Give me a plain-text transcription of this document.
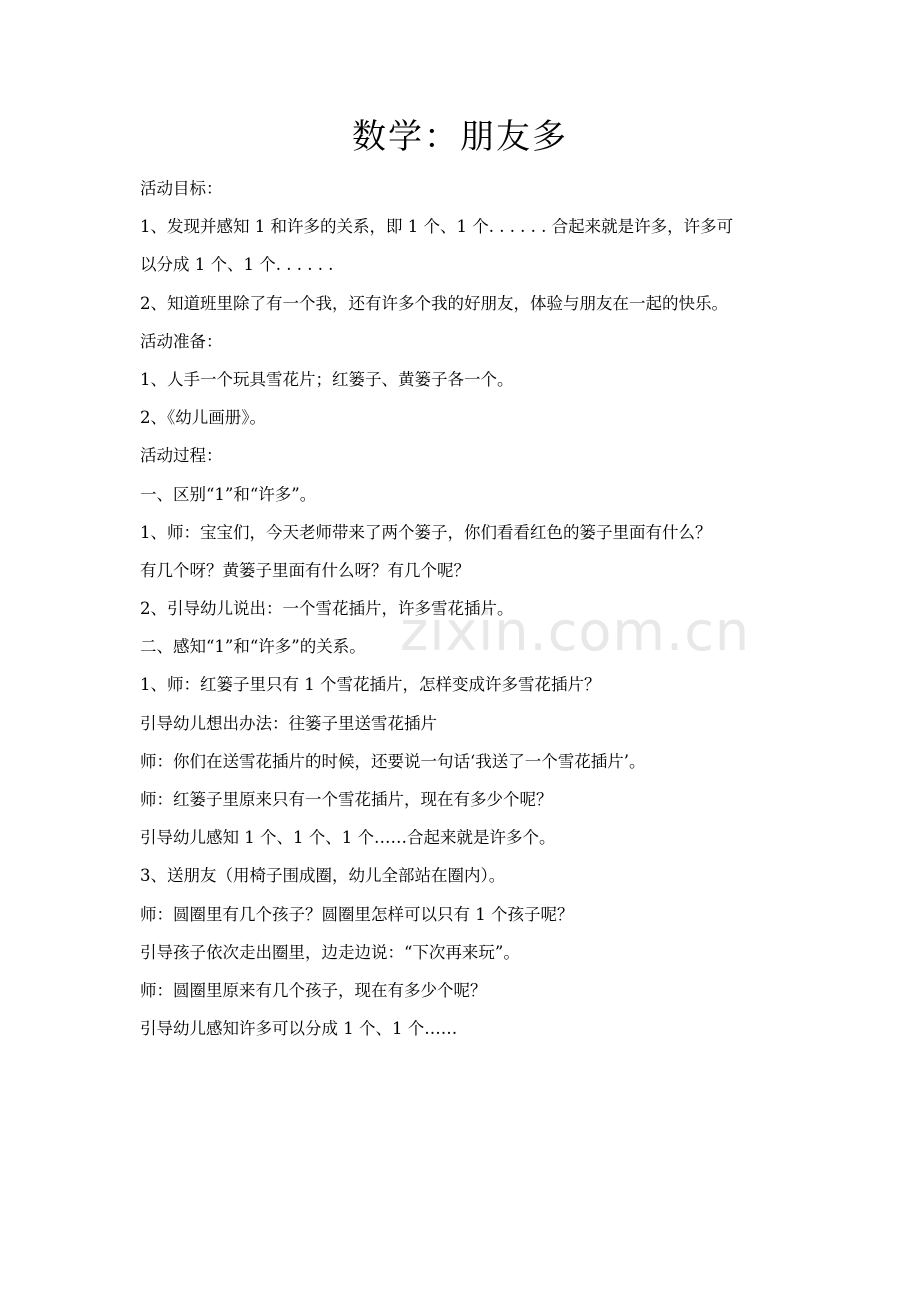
zixin.com.cn
数学：朋友多
活动目标：
1、发现并感知 1 和许多的关系，即 1 个、1 个. . . . . . 合起来就是许多，许多可
以分成 1 个、1 个. . . . . .
2、知道班里除了有一个我，还有许多个我的好朋友，体验与朋友在一起的快乐。
活动准备：
1、人手一个玩具雪花片；红篓子、黄篓子各一个。
2、《幼儿画册》。
活动过程：
一、区别“1”和“许多”。
1、师：宝宝们，今天老师带来了两个篓子，你们看看红色的篓子里面有什么？
有几个呀？黄篓子里面有什么呀？有几个呢？
2、引导幼儿说出：一个雪花插片，许多雪花插片。
二、感知“1”和“许多”的关系。
1、师：红篓子里只有 1 个雪花插片，怎样变成许多雪花插片？
引导幼儿想出办法：往篓子里送雪花插片
师：你们在送雪花插片的时候，还要说一句话‘我送了一个雪花插片’。
师：红篓子里原来只有一个雪花插片，现在有多少个呢？
引导幼儿感知 1 个、1 个、1 个……合起来就是许多个。
3、送朋友（用椅子围成圈，幼儿全部站在圈内）。
师：圆圈里有几个孩子？圆圈里怎样可以只有 1 个孩子呢？
引导孩子依次走出圈里，边走边说：“下次再来玩”。
师：圆圈里原来有几个孩子，现在有多少个呢？
引导幼儿感知许多可以分成 1 个、1 个……
